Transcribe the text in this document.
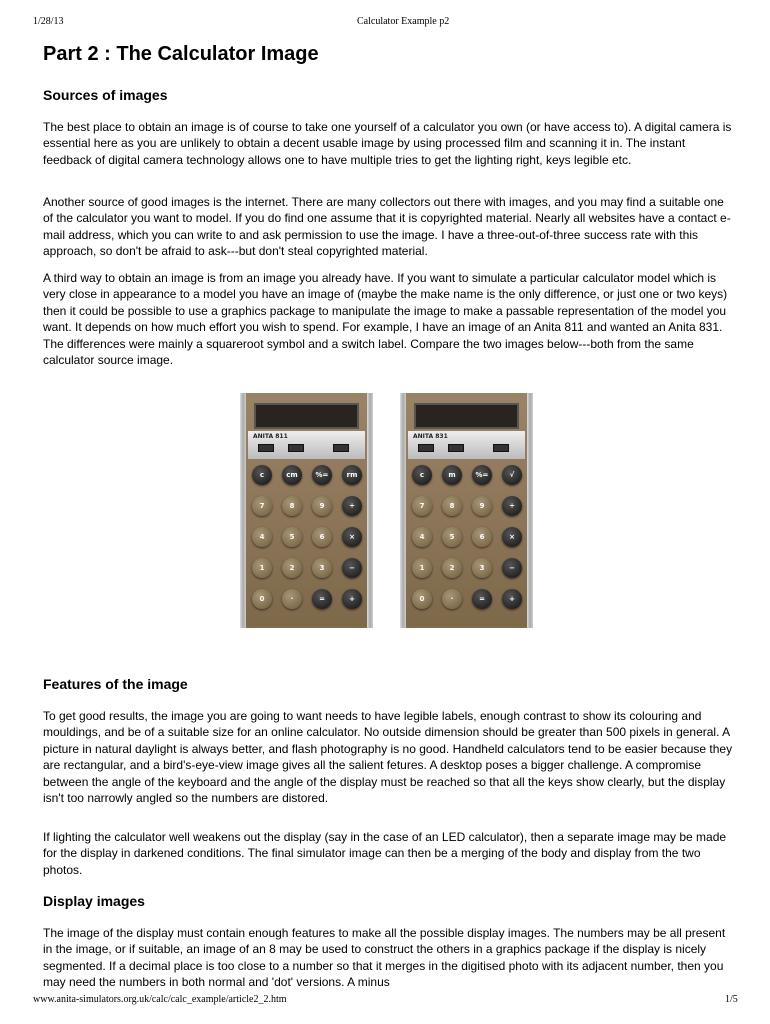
1/28/13	Calculator Example p2
Part 2 : The Calculator Image
Sources of images

The best place to obtain an image is of course to take one yourself of a calculator you own (or have access to). A digital camera is essential here as you are unlikely to obtain a decent usable image by using processed film and scanning it in. The instant feedback of digital camera technology allows one to have multiple tries to get the lighting right, keys legible etc.

Another source of good images is the internet. There are many collectors out there with images, and you may find a suitable one of the calculator you want to model. If you do find one assume that it is copyrighted material. Nearly all websites have a contact e-mail address, which you can write to and ask permission to use the image. I have a three-out-of-three success rate with this approach, so don't be afraid to ask---but don't steal copyrighted material.

A third way to obtain an image is from an image you already have. If you want to simulate a particular calculator model which is very close in appearance to a model you have an image of (maybe the make name is the only difference, or just one or two keys) then it could be possible to use a graphics package to manipulate the image to make a passable representation of the model you want. It depends on how much effort you wish to spend. For example, I have an image of an Anita 811 and wanted an Anita 831. The differences were mainly a squareroot symbol and a switch label. Compare the two images below---both from the same calculator source image.

ANITA 811
c	cm	%=	rm
7	8	9	÷
4	5	6	×
1	2	3	−
0	·	=	+
ANITA 831
c	m	%=	√
7	8	9	÷
4	5	6	×
1	2	3	−
0	·	=	+
Features of the image

To get good results, the image you are going to want needs to have legible labels, enough contrast to show its colouring and mouldings, and be of a suitable size for an online calculator. No outside dimension should be greater than 500 pixels in general. A picture in natural daylight is always better, and flash photography is no good. Handheld calculators tend to be easier because they are rectangular, and a bird's-eye-view image gives all the salient fetures. A desktop poses a bigger challenge. A compromise between the angle of the keyboard and the angle of the display must be reached so that all the keys show clearly, but the display isn't too narrowly angled so the numbers are distored.

If lighting the calculator well weakens out the display (say in the case of an LED calculator), then a separate image may be made for the display in darkened conditions. The final simulator image can then be a merging of the body and display from the two photos.

Display images

The image of the display must contain enough features to make all the possible display images. The numbers may be all present in the image, or if suitable, an image of an 8 may be used to construct the others in a graphics package if the display is nicely segmented. If a decimal place is too close to a number so that it merges in the digitised photo with its adjacent number, then you may need the numbers in both normal and 'dot' versions. A minus

www.anita-simulators.org.uk/calc/calc_example/article2_2.htm	1/5
